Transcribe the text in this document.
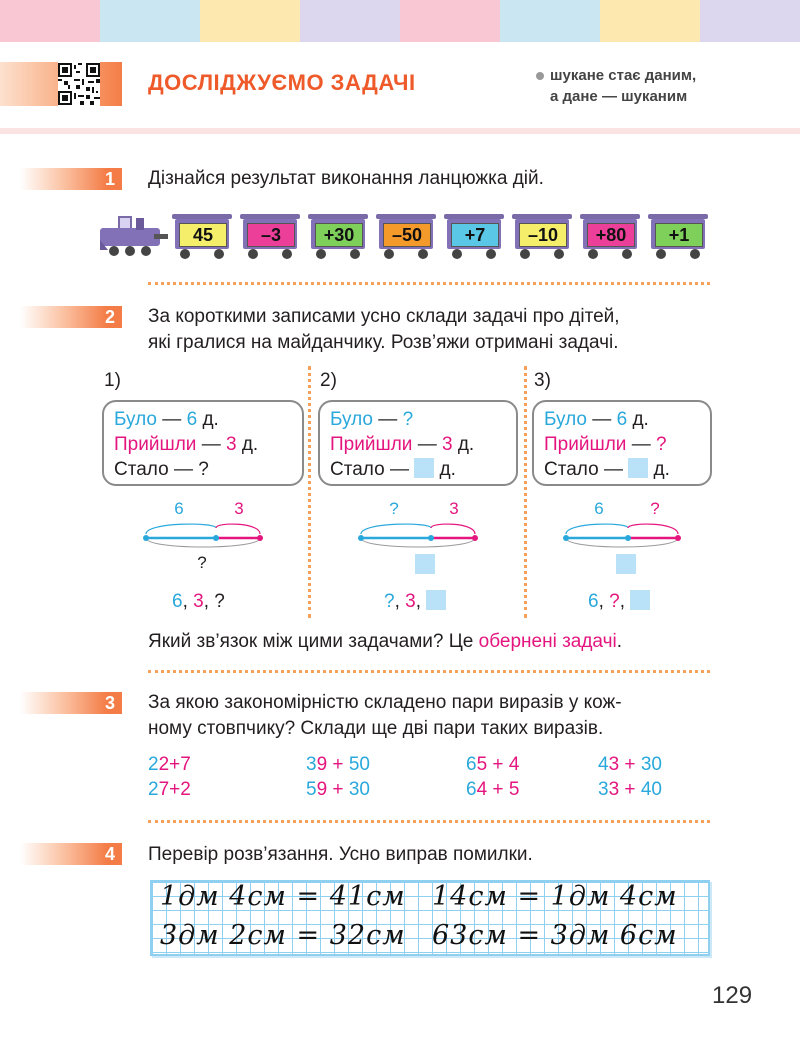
ДОСЛІДЖУЄМО ЗАДАЧІ	шукане стає даним,
а дане — шуканим
1 Дізнайся результат виконання ланцюжка дій.
45	–3	+30	–50	+7	–10	+80	+1
2 За короткими записами усно склади задачі про дітей,
які гралися на майданчику. Розв’яжи отримані задачі.
1)
Було — 6 д.
Прийшли — 3 д.
Стало — ?
2)
Було — ?
Прийшли — 3 д.
Стало — д.
3)
Було — 6 д.
Прийшли — ?
Стало — д.
6	3
?
?	3	6	?
6, 3, ?	?, 3,	6, ?,
Який зв’язок між цими задачами? Це обернені задачі.
3 За якою закономірністю складено пари виразів у кож-
ному стовпчику? Склади ще дві пари таких виразів.
22+7
27+2
39 + 50
59 + 30
65 + 4
64 + 5
43 + 30
33 + 40
4 Перевір розв’язання. Усно виправ помилки.
1дм 4см = 41см 14см = 1дм 4см
3дм 2см = 32см 63см = 3дм 6см
129
